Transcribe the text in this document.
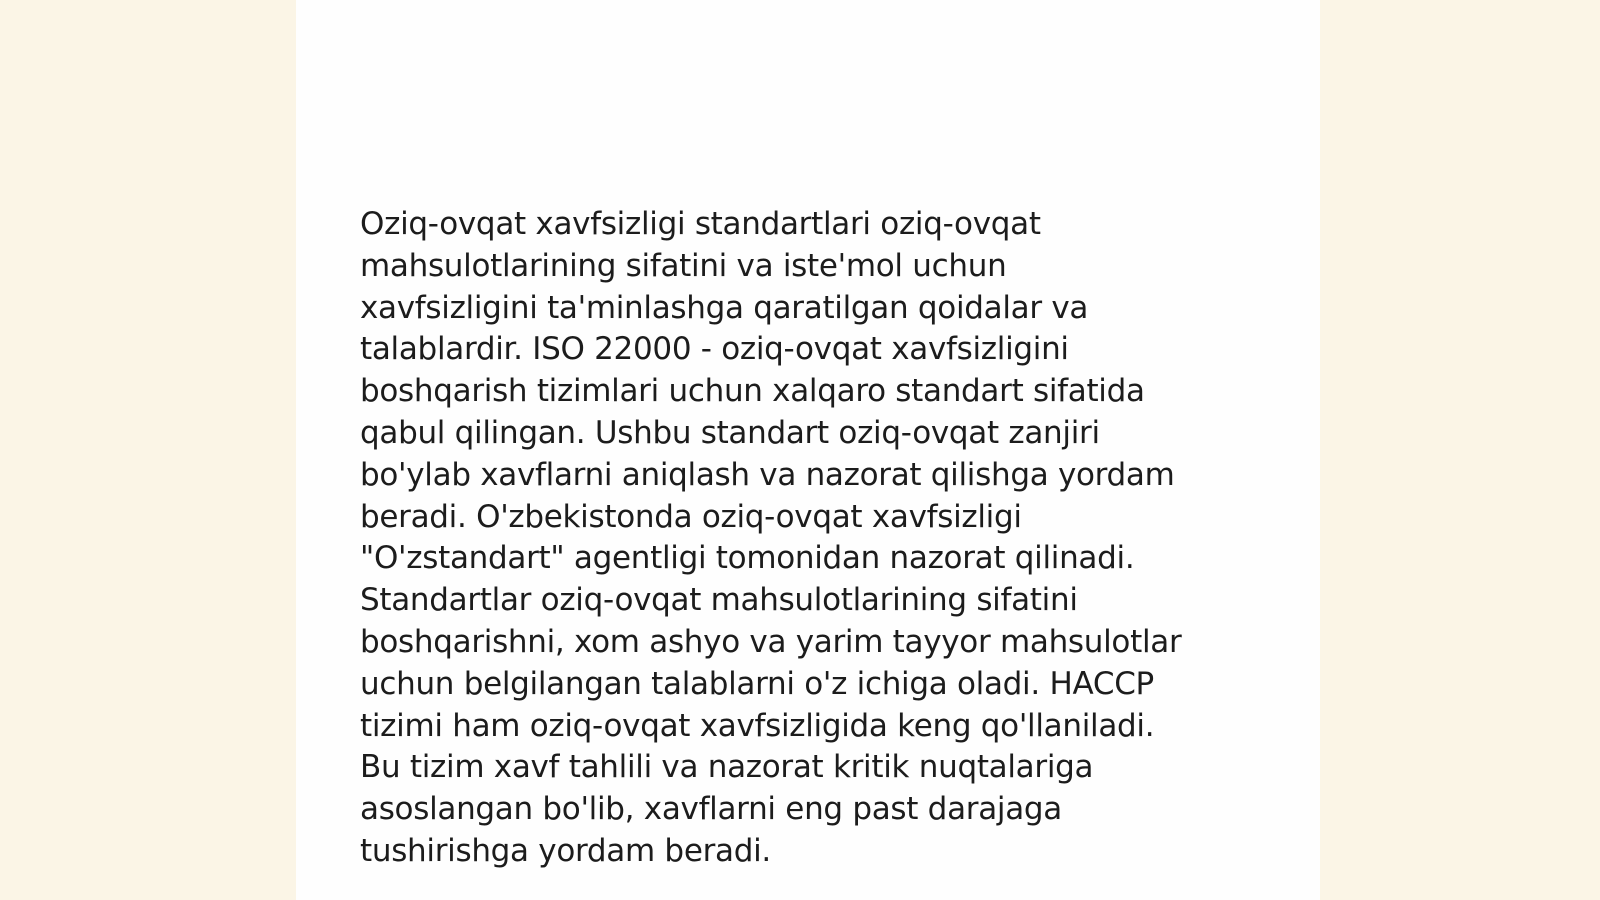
Oziq-ovqat xavfsizligi standartlari oziq-ovqat
mahsulotlarining sifatini va iste'mol uchun
xavfsizligini ta'minlashga qaratilgan qoidalar va
talablardir. ISO 22000 - oziq-ovqat xavfsizligini
boshqarish tizimlari uchun xalqaro standart sifatida
qabul qilingan. Ushbu standart oziq-ovqat zanjiri
bo'ylab xavflarni aniqlash va nazorat qilishga yordam
beradi. O'zbekistonda oziq-ovqat xavfsizligi
"O'zstandart" agentligi tomonidan nazorat qilinadi.
Standartlar oziq-ovqat mahsulotlarining sifatini
boshqarishni, xom ashyo va yarim tayyor mahsulotlar
uchun belgilangan talablarni o'z ichiga oladi. HACCP
tizimi ham oziq-ovqat xavfsizligida keng qo'llaniladi.
Bu tizim xavf tahlili va nazorat kritik nuqtalariga
asoslangan bo'lib, xavflarni eng past darajaga
tushirishga yordam beradi.
